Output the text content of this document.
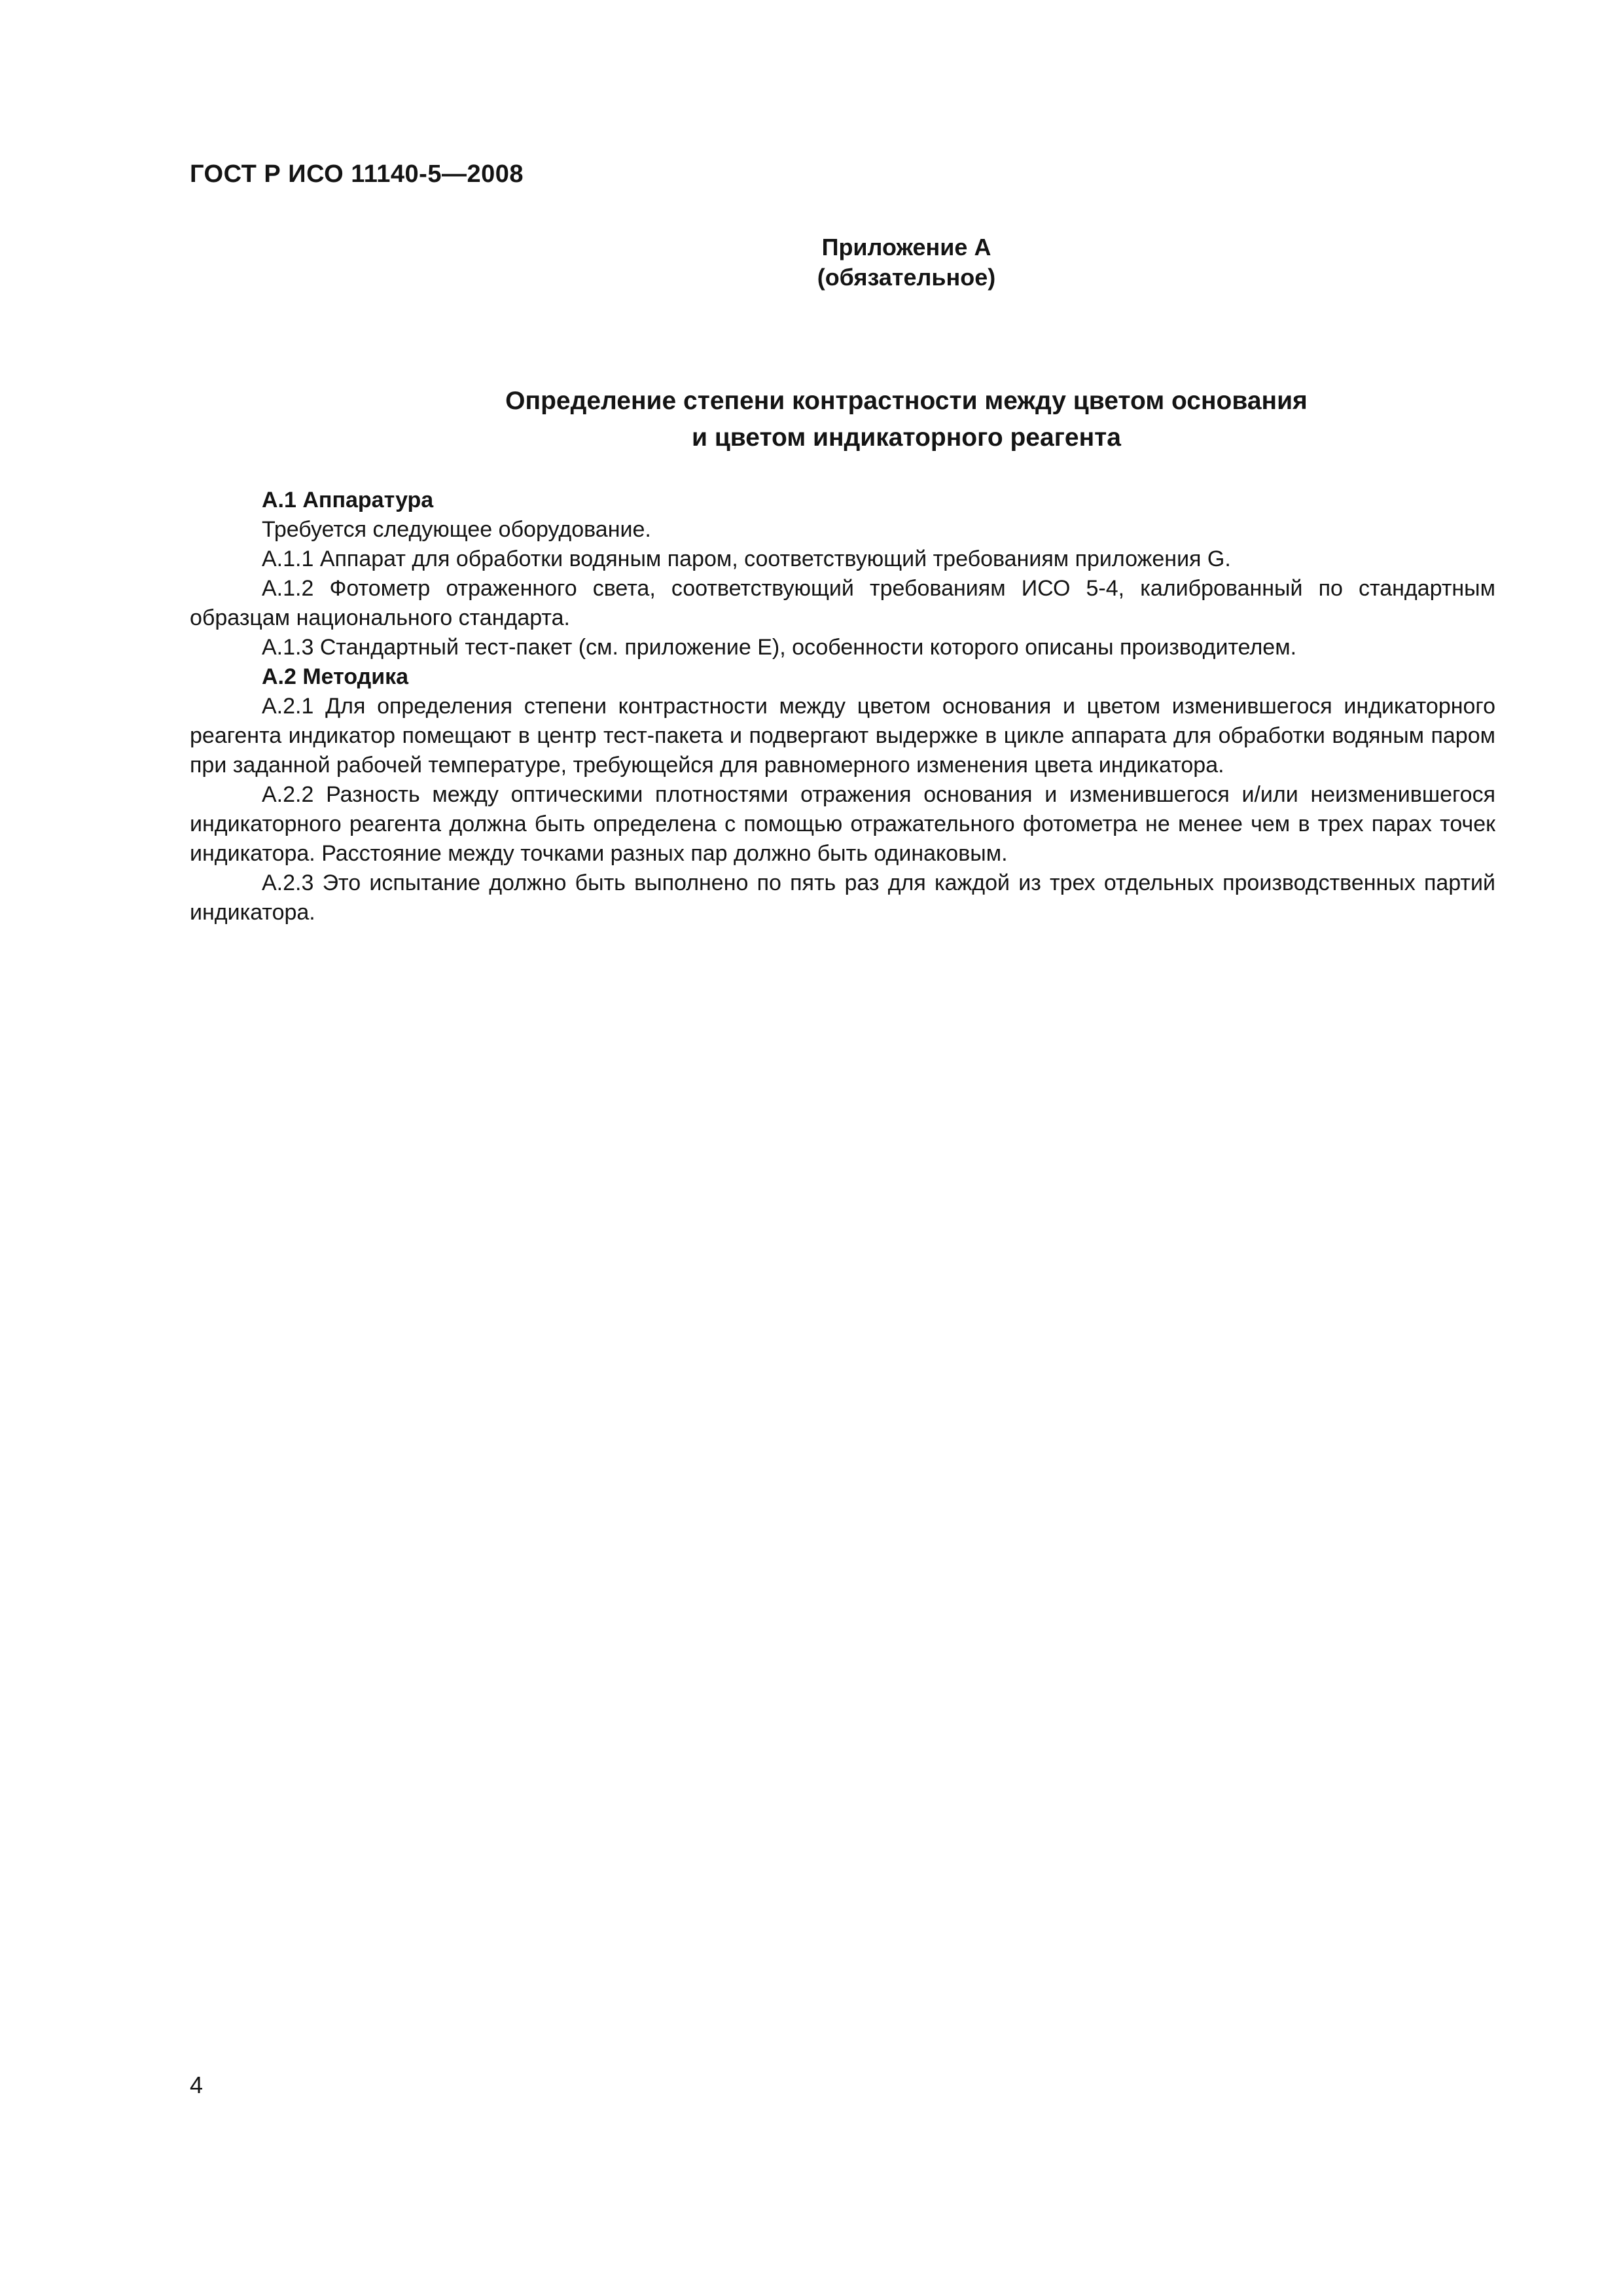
ГОСТ Р ИСО 11140-5—2008
Приложение А
(обязательное)
Определение степени контрастности между цветом основания
и цветом индикаторного реагента

А.1 Аппаратура

Требуется следующее оборудование.

А.1.1 Аппарат для обработки водяным паром, соответствующий требованиям приложения G.

А.1.2 Фотометр отраженного света, соответствующий требованиям ИСО 5-4, калиброванный по стандартным образцам национального стандарта.

А.1.3 Стандартный тест-пакет (см. приложение Е), особенности которого описаны производителем.

А.2 Методика

А.2.1 Для определения степени контрастности между цветом основания и цветом изменившегося индикаторного реагента индикатор помещают в центр тест-пакета и подвергают выдержке в цикле аппарата для обработки водяным паром при заданной рабочей температуре, требующейся для равномерного изменения цвета индикатора.

А.2.2 Разность между оптическими плотностями отражения основания и изменившегося и/или неизменившегося индикаторного реагента должна быть определена с помощью отражательного фотометра не менее чем в трех парах точек индикатора. Расстояние между точками разных пар должно быть одинаковым.

А.2.3 Это испытание должно быть выполнено по пять раз для каждой из трех отдельных производственных партий индикатора.

4
